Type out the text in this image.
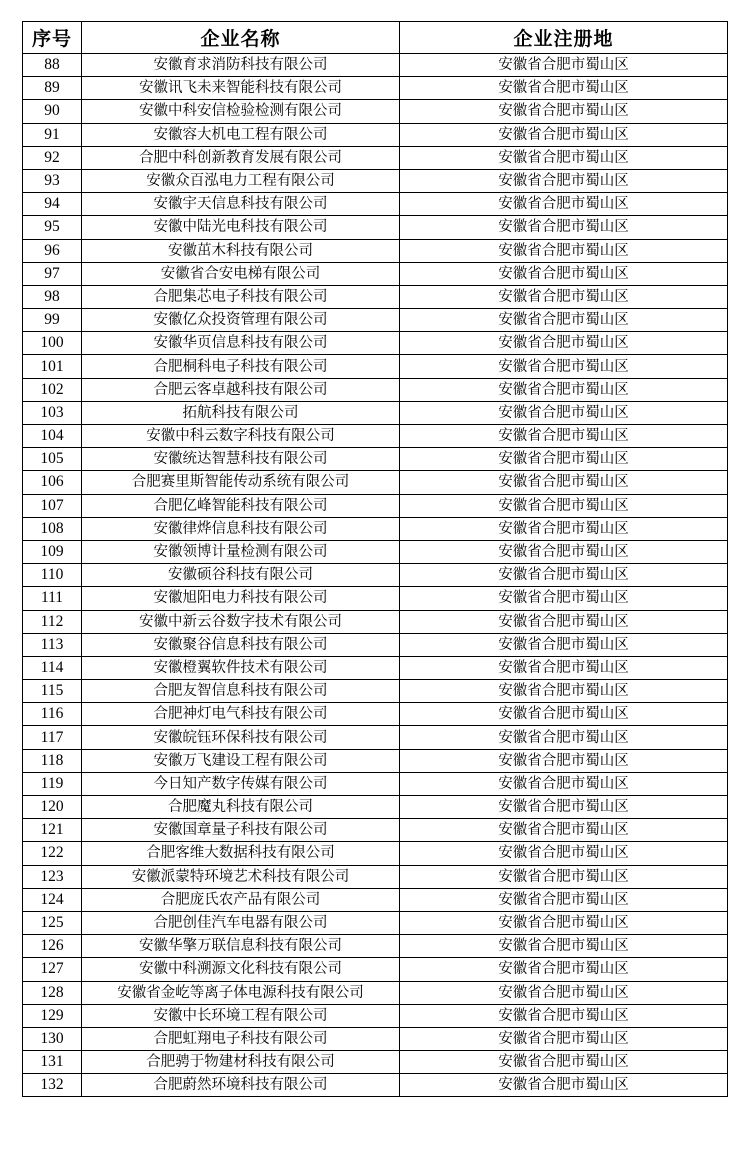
序号	企业名称	企业注册地
88	安徽育求消防科技有限公司	安徽省合肥市蜀山区
89	安徽讯飞未来智能科技有限公司	安徽省合肥市蜀山区
90	安徽中科安信检验检测有限公司	安徽省合肥市蜀山区
91	安徽容大机电工程有限公司	安徽省合肥市蜀山区
92	合肥中科创新教育发展有限公司	安徽省合肥市蜀山区
93	安徽众百泓电力工程有限公司	安徽省合肥市蜀山区
94	安徽宇天信息科技有限公司	安徽省合肥市蜀山区
95	安徽中陆光电科技有限公司	安徽省合肥市蜀山区
96	安徽茁木科技有限公司	安徽省合肥市蜀山区
97	安徽省合安电梯有限公司	安徽省合肥市蜀山区
98	合肥集芯电子科技有限公司	安徽省合肥市蜀山区
99	安徽亿众投资管理有限公司	安徽省合肥市蜀山区
100	安徽华页信息科技有限公司	安徽省合肥市蜀山区
101	合肥桐科电子科技有限公司	安徽省合肥市蜀山区
102	合肥云客卓越科技有限公司	安徽省合肥市蜀山区
103	拓航科技有限公司	安徽省合肥市蜀山区
104	安徽中科云数字科技有限公司	安徽省合肥市蜀山区
105	安徽统达智慧科技有限公司	安徽省合肥市蜀山区
106	合肥赛里斯智能传动系统有限公司	安徽省合肥市蜀山区
107	合肥亿峰智能科技有限公司	安徽省合肥市蜀山区
108	安徽律烨信息科技有限公司	安徽省合肥市蜀山区
109	安徽领博计量检测有限公司	安徽省合肥市蜀山区
110	安徽硕谷科技有限公司	安徽省合肥市蜀山区
111	安徽旭阳电力科技有限公司	安徽省合肥市蜀山区
112	安徽中新云谷数字技术有限公司	安徽省合肥市蜀山区
113	安徽聚谷信息科技有限公司	安徽省合肥市蜀山区
114	安徽橙翼软件技术有限公司	安徽省合肥市蜀山区
115	合肥友智信息科技有限公司	安徽省合肥市蜀山区
116	合肥神灯电气科技有限公司	安徽省合肥市蜀山区
117	安徽皖钰环保科技有限公司	安徽省合肥市蜀山区
118	安徽万飞建设工程有限公司	安徽省合肥市蜀山区
119	今日知产数字传媒有限公司	安徽省合肥市蜀山区
120	合肥魔丸科技有限公司	安徽省合肥市蜀山区
121	安徽国章量子科技有限公司	安徽省合肥市蜀山区
122	合肥客维大数据科技有限公司	安徽省合肥市蜀山区
123	安徽派蒙特环境艺术科技有限公司	安徽省合肥市蜀山区
124	合肥庞氏农产品有限公司	安徽省合肥市蜀山区
125	合肥创佳汽车电器有限公司	安徽省合肥市蜀山区
126	安徽华擎万联信息科技有限公司	安徽省合肥市蜀山区
127	安徽中科溯源文化科技有限公司	安徽省合肥市蜀山区
128	安徽省金屹等离子体电源科技有限公司	安徽省合肥市蜀山区
129	安徽中长环境工程有限公司	安徽省合肥市蜀山区
130	合肥虹翔电子科技有限公司	安徽省合肥市蜀山区
131	合肥骋于物建材科技有限公司	安徽省合肥市蜀山区
132	合肥蔚然环境科技有限公司	安徽省合肥市蜀山区
